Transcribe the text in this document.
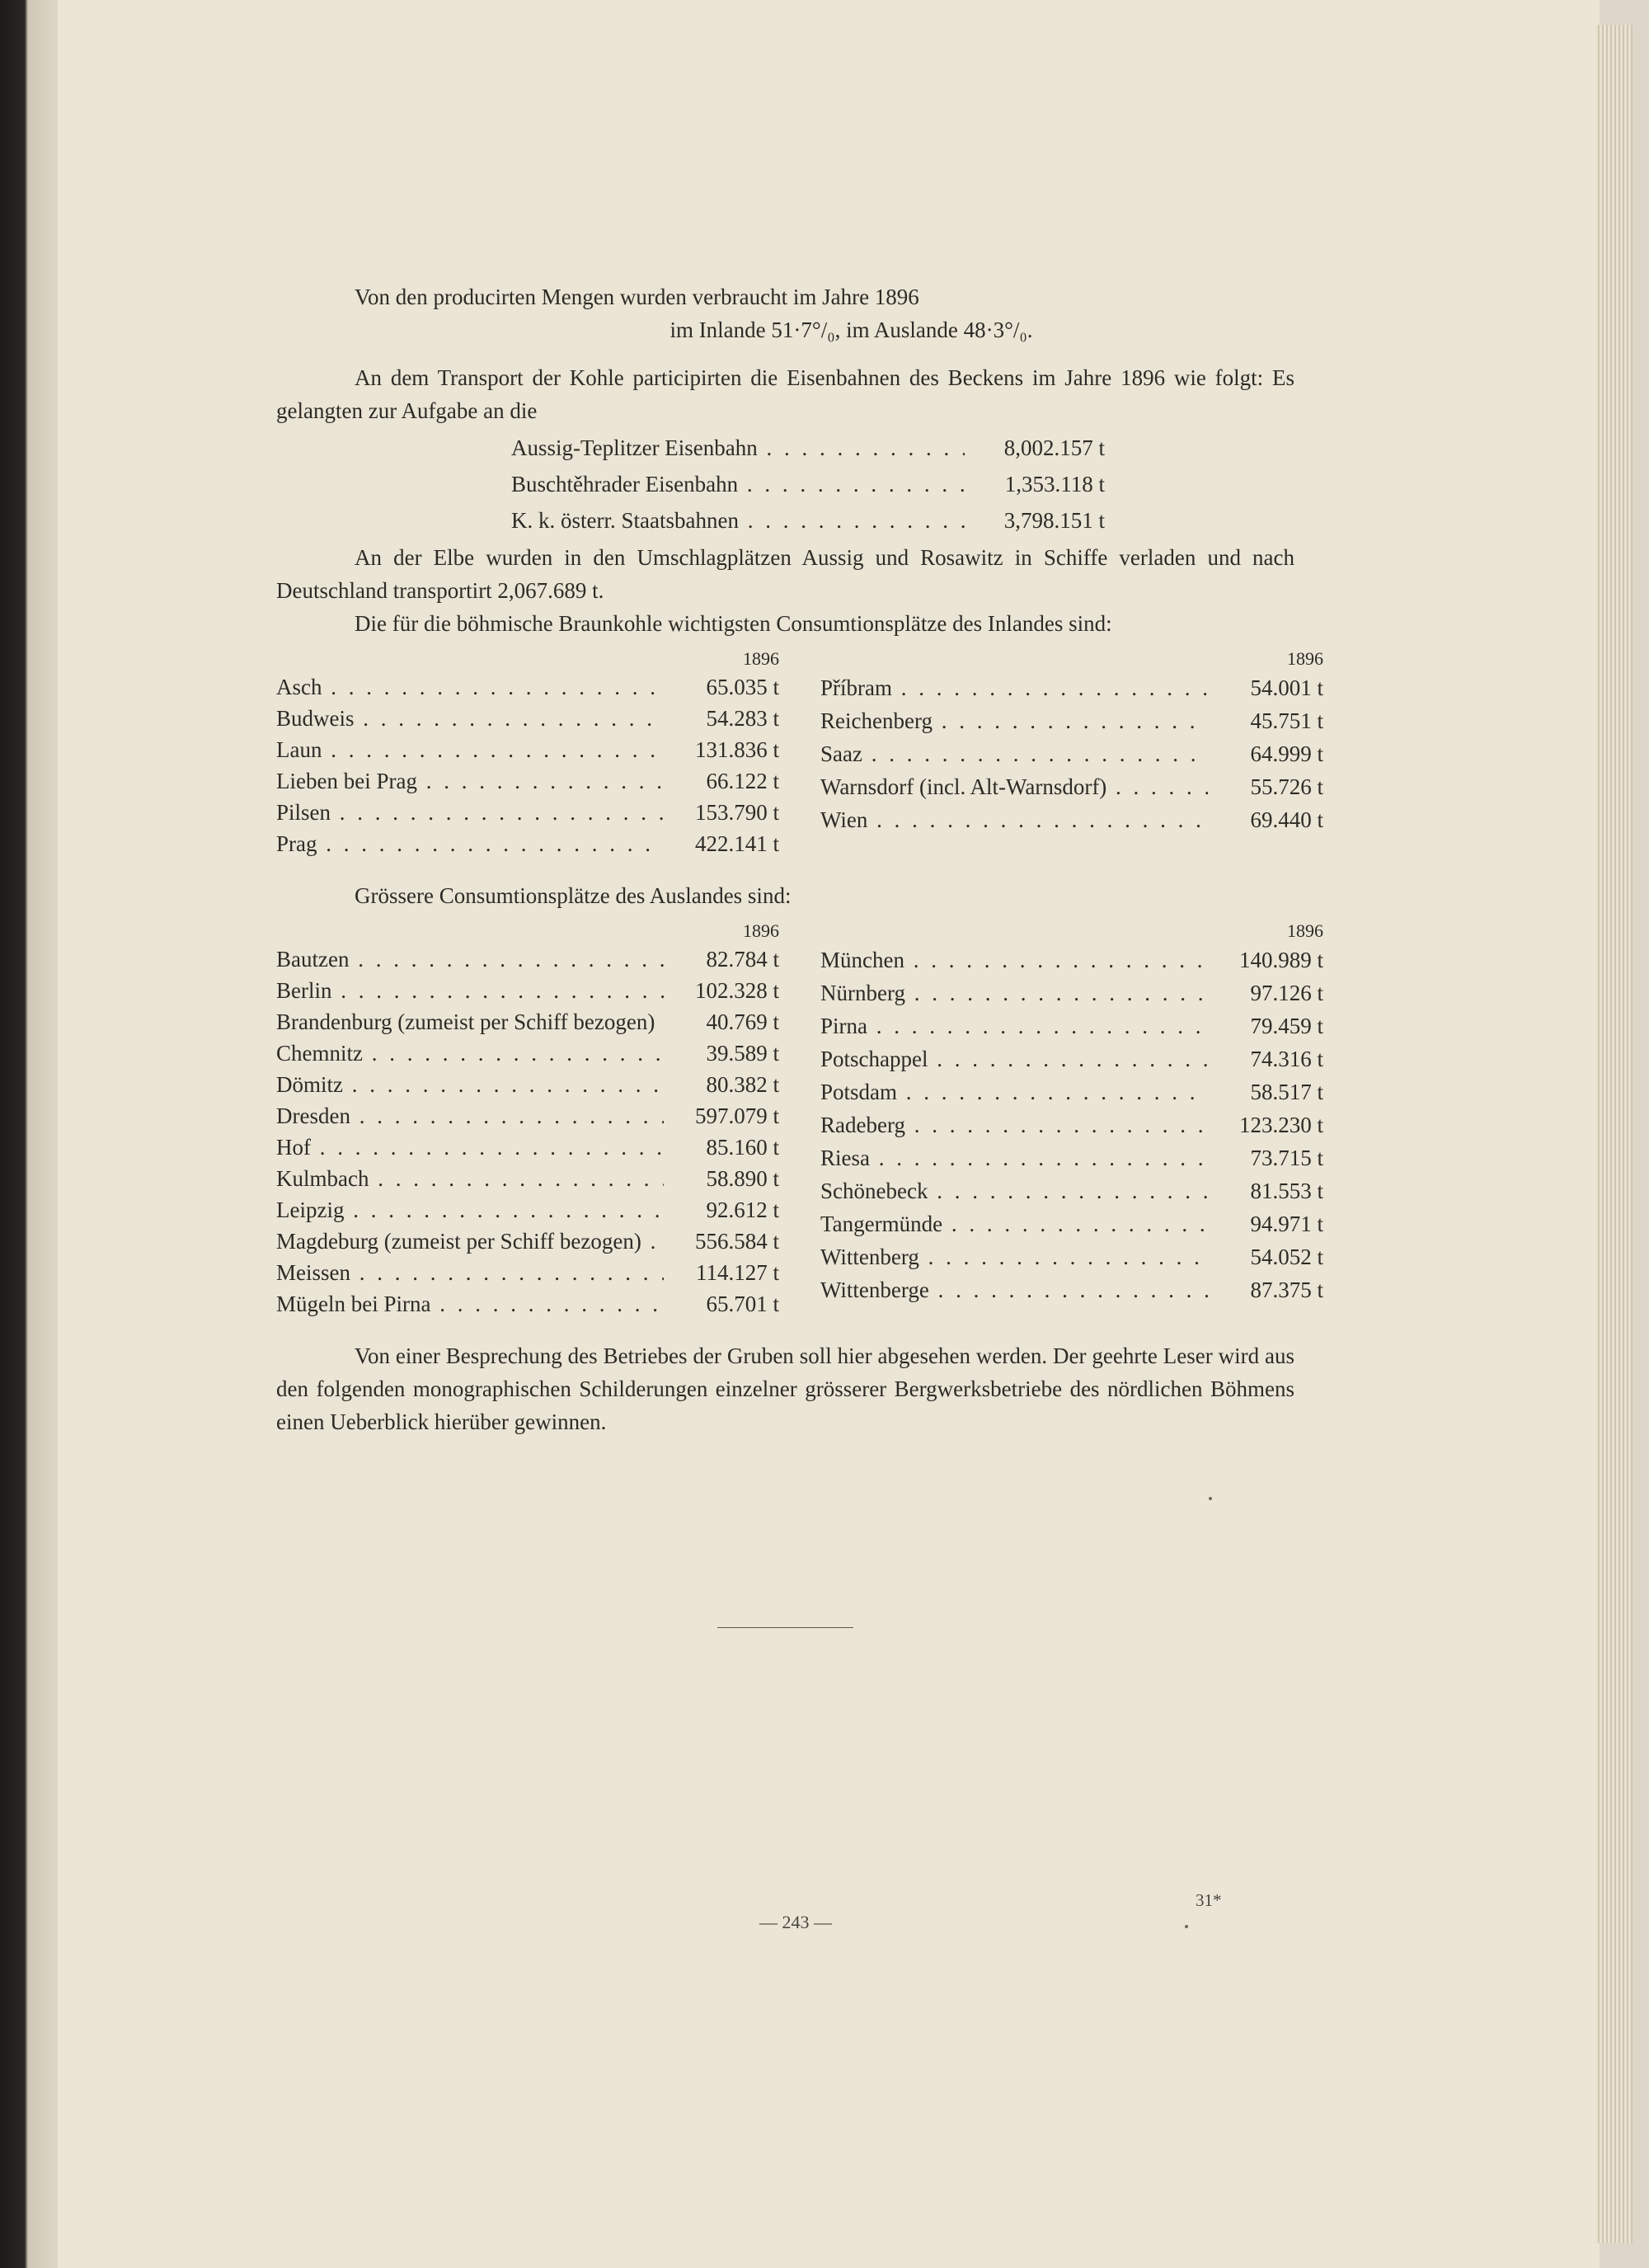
Von den producirten Mengen wurden verbraucht im Jahre 1896

im Inlande 51·7°/₀, im Auslande 48·3°/₀.

An dem Transport der Kohle participirten die Eisenbahnen des Beckens im Jahre 1896 wie folgt: Es gelangten zur Aufgabe an die

Aussig-Teplitzer Eisenbahn . . .	8,002.157 t
Buschtěhrader Eisenbahn . . .	1,353.118 t
K. k. österr. Staatsbahnen . . .	3,798.151 t

An der Elbe wurden in den Umschlagplätzen Aussig und Rosawitz in Schiffe verladen und nach Deutschland transportirt 2,067.689 t.

Die für die böhmische Braunkohle wichtigsten Consumtionsplätze des Inlandes sind:

1896
Asch . . .	65.035 t
Budweis . . .	54.283 t
Laun . . .	131.836 t
Lieben bei Prag . . .	66.122 t
Pilsen . . .	153.790 t
Prag . . .	422.141 t
1896
Příbram . . .	54.001 t
Reichenberg . . .	45.751 t
Saaz . . .	64.999 t
Warnsdorf (incl. Alt-Warnsdorf) . . .	55.726 t
Wien . . .	69.440 t

Grössere Consumtionsplätze des Auslandes sind:

1896
Bautzen . . .	82.784 t
Berlin . . .	102.328 t
Brandenburg (zumeist per Schiff bezogen) . . .	40.769 t
Chemnitz . . .	39.589 t
Dömitz . . .	80.382 t
Dresden . . .	597.079 t
Hof . . .	85.160 t
Kulmbach . . .	58.890 t
Leipzig . . .	92.612 t
Magdeburg (zumeist per Schiff bezogen) . . .	556.584 t
Meissen . . .	114.127 t
Mügeln bei Pirna . . .	65.701 t
1896
München . . .	140.989 t
Nürnberg . . .	97.126 t
Pirna . . .	79.459 t
Potschappel . . .	74.316 t
Potsdam . . .	58.517 t
Radeberg . . .	123.230 t
Riesa . . .	73.715 t
Schönebeck . . .	81.553 t
Tangermünde . . .	94.971 t
Wittenberg . . .	54.052 t
Wittenberge . . .	87.375 t

Von einer Besprechung des Betriebes der Gruben soll hier abgesehen werden. Der geehrte Leser wird aus den folgenden monographischen Schilderungen einzelner grösserer Bergwerksbetriebe des nördlichen Böhmens einen Ueberblick hierüber gewinnen.

— 243 —
31*
